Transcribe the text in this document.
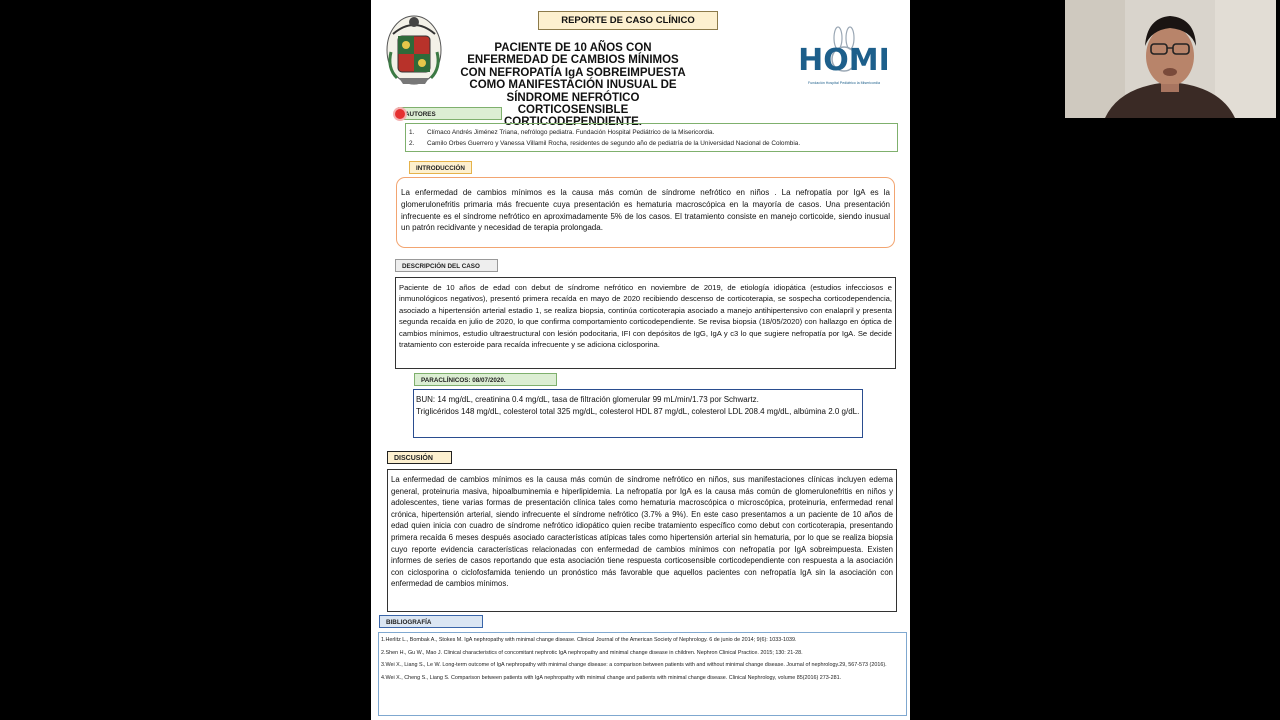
REPORTE DE CASO CLÍNICO
PACIENTE DE 10 AÑOS CON ENFERMEDAD DE CAMBIOS MÍNIMOS CON NEFROPATÍA IgA SOBREIMPUESTA COMO MANIFESTACIÓN INUSUAL DE SÍNDROME NEFRÓTICO CORTICOSENSIBLE CORTICODEPENDIENTE.
HOMI
Fundación Hospital Pediátrico la Misericordia
AUTORES
1. Clímaco Andrés Jiménez Triana, nefrólogo pediatra. Fundación Hospital Pediátrico de la Misericordia.
2. Camilo Orbes Guerrero y Vanessa Villamil Rocha, residentes de segundo año de pediatría de la Universidad Nacional de Colombia.
INTRODUCCIÓN
La enfermedad de cambios mínimos es la causa más común de síndrome nefrótico en niños . La nefropatía por IgA es la glomerulonefritis primaria más frecuente cuya presentación es hematuria macroscópica en la mayoría de casos. Una presentación infrecuente es el síndrome nefrótico en aproximadamente 5% de los casos. El tratamiento consiste en manejo corticoide, siendo inusual un patrón recidivante y necesidad de terapia prolongada.
DESCRIPCIÓN DEL CASO
Paciente de 10 años de edad con debut de síndrome nefrótico en noviembre de 2019, de etiología idiopática (estudios infecciosos e inmunológicos negativos), presentó primera recaída en mayo de 2020 recibiendo descenso de corticoterapia, se sospecha corticodependencia, asociado a hipertensión arterial estadio 1, se realiza biopsia, continúa corticoterapia asociado a manejo antihipertensivo con enalapril y presenta segunda recaída en julio de 2020, lo que confirma comportamiento corticodependiente. Se revisa biopsia (18/05/2020) con hallazgo en óptica de cambios mínimos, estudio ultraestructural con lesión podocitaria, IFI con depósitos de IgG, IgA y c3 lo que sugiere nefropatía por IgA. Se decide tratamiento con esteroide para recaída infrecuente y se adiciona ciclosporina.
PARACLÍNICOS: 08/07/2020.
BUN: 14 mg/dL, creatinina 0.4 mg/dL, tasa de filtración glomerular 99 mL/min/1.73 por Schwartz.
Triglicéridos 148 mg/dL, colesterol total 325 mg/dL, colesterol HDL 87 mg/dL, colesterol LDL 208.4 mg/dL, albúmina 2.0 g/dL.
DISCUSIÓN
La enfermedad de cambios mínimos es la causa más común de síndrome nefrótico en niños, sus manifestaciones clínicas incluyen edema general, proteinuria masiva, hipoalbuminemia e hiperlipidemia. La nefropatía por IgA es la causa más común de glomerulonefritis en niños y adolescentes, tiene varias formas de presentación clínica tales como hematuria macroscópica o microscópica, proteinuria, enfermedad renal crónica, hipertensión arterial, siendo infrecuente el síndrome nefrótico (3.7% a 9%). En este caso presentamos a un paciente de 10 años de edad quien inicia con cuadro de síndrome nefrótico idiopático quien recibe tratamiento específico como debut con corticoterapia, presentando primera recaída 6 meses después asociado características atípicas tales como hipertensión arterial sin hematuria, por lo que se realiza biopsia cuyo reporte evidencia características relacionadas con enfermedad de cambios mínimos con nefropatía por IgA sobreimpuesta. Existen informes de series de casos reportando que esta asociación tiene respuesta corticosensible corticodependiente con respuesta a la asociación con ciclosporina o ciclofosfamida teniendo un pronóstico más favorable que aquellos pacientes con nefropatía IgA sin la asociación con enfermedad de cambios mínimos.
BIBLIOGRAFÍA
1.Herlitz L., Bombak A., Stokes M. IgA nephropathy with minimal change disease. Clinical Journal of the American Society of Nephrology. 6 de junio de 2014; 9(6): 1033-1039.
2.Shen H., Gu W., Mao J. Clinical characteristics of concomitant nephrotic IgA nephropathy and minimal change disease in children. Nephron Clinical Practice. 2015; 130: 21-28.
3.Wei X., Liang S., Le W. Long-term outcome of IgA nephropathy with minimal change disease: a comparison between patients with and without minimal change disease. Journal of nephrology.29, 567-573 (2016).
4.Wei X., Cheng S., Liang S. Comparison between patients with IgA nephropathy with minimal change and patients with minimal change disease. Clinical Nephrology, volume 85(2016) 273-281.
